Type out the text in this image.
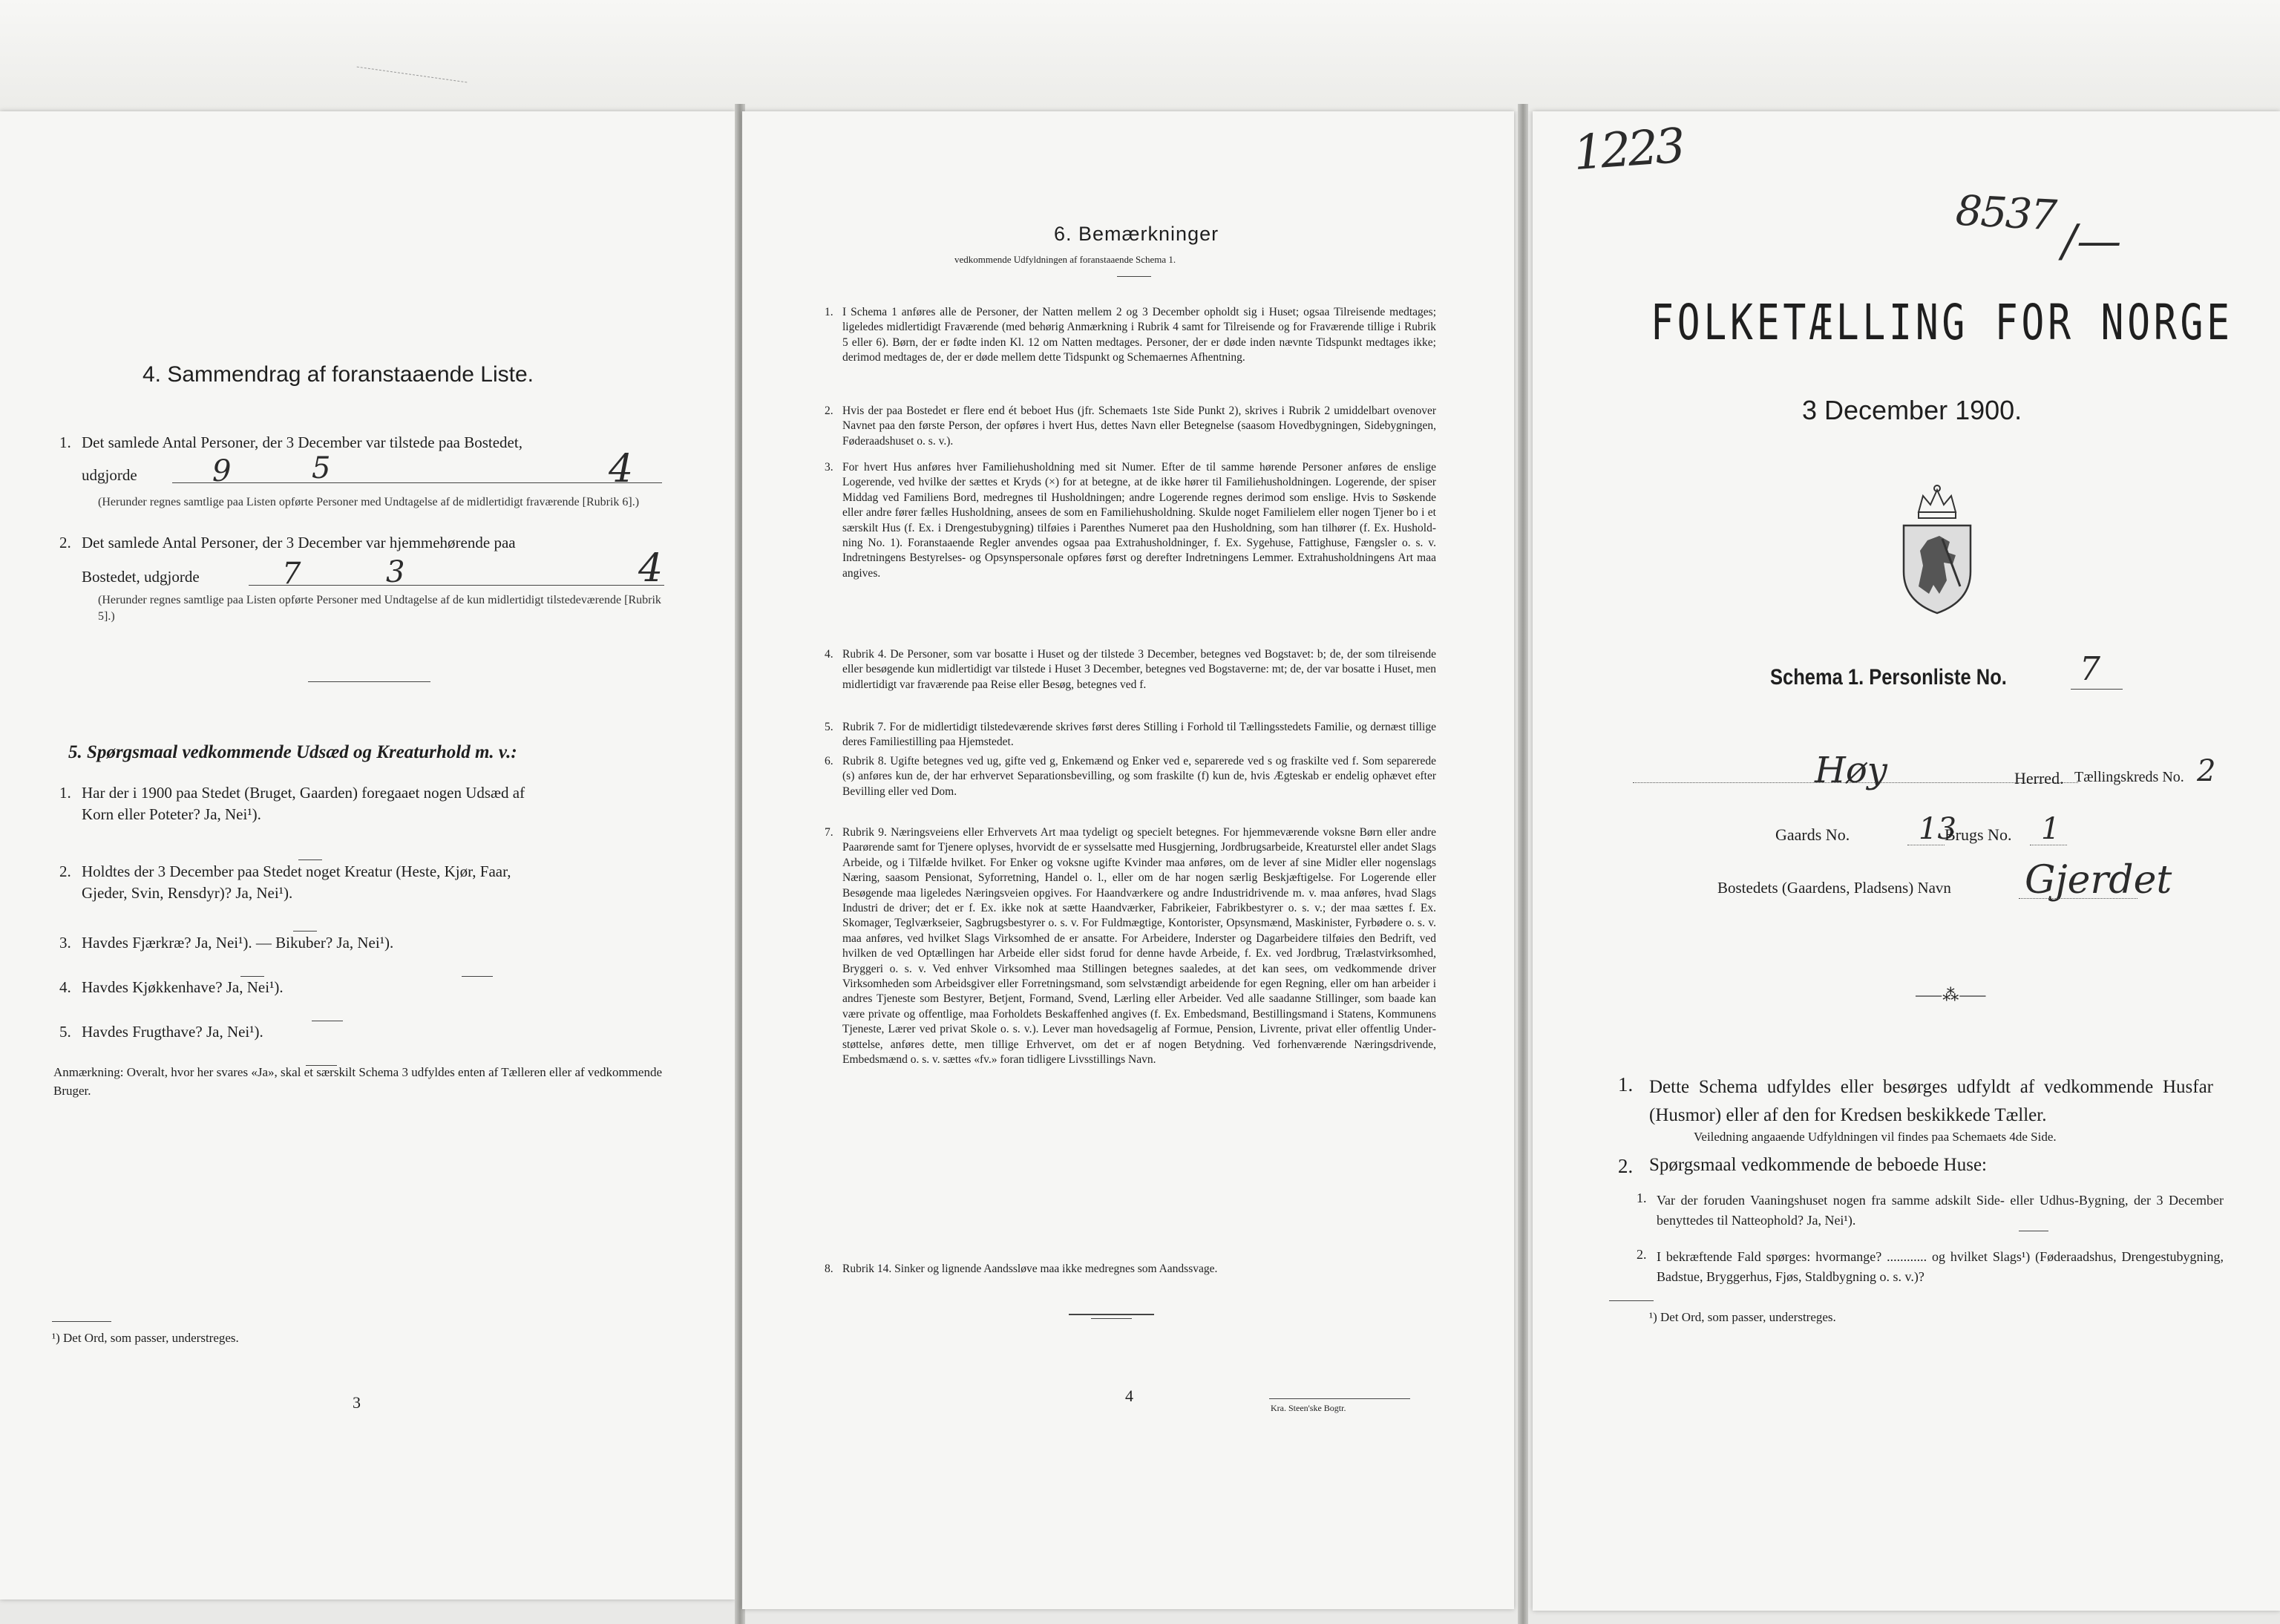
4. Sammendrag af foranstaaende Liste.
1. Det samlede Antal Personer, der 3 December var tilstede paa Bostedet,
udgjorde	9	5	4
(Herunder regnes samtlige paa Listen opførte Personer med Undtagelse af de midlertidigt fraværende [Rubrik 6].)
2. Det samlede Antal Personer, der 3 December var hjemmehørende paa
Bostedet, udgjorde	7	3	4
(Herunder regnes samtlige paa Listen opførte Personer med Undtagelse af de kun midlertidigt tilstedeværende [Rubrik 5].)
5. Spørgsmaal vedkommende Udsæd og Kreaturhold m. v.:
1. Har der i 1900 paa Stedet (Bruget, Gaarden) foregaaet nogen Udsæd af
Korn eller Poteter? Ja, Nei¹).
2. Holdtes der 3 December paa Stedet noget Kreatur (Heste, Kjør, Faar,
Gjeder, Svin, Rensdyr)? Ja, Nei¹).
3. Havdes Fjærkræ? Ja, Nei¹). — Bikuber? Ja, Nei¹).
4. Havdes Kjøkkenhave? Ja, Nei¹).
5. Havdes Frugthave? Ja, Nei¹).
Anmærkning: Overalt, hvor her svares «Ja», skal et særskilt Schema 3 udfyldes enten af Tælleren eller af vedkommende Bruger.
¹) Det Ord, som passer, understreges.
3
6. Bemærkninger
vedkommende Udfyldningen af foranstaaende Schema 1.
1. I Schema 1 anføres alle de Personer, der Natten mellem 2 og 3 December opholdt sig i Huset; ogsaa Tilreisende medtages; ligeledes midlertidigt Fraværende (med behørig Anmærkning i Rubrik 4 samt for Tilreisende og for Fraværende tillige i Rubrik 5 eller 6). Børn, der er fødte inden Kl. 12 om Natten medtages. Personer, der er døde inden nævnte Tidspunkt medtages ikke; derimod medtages de, der er døde mellem dette Tidspunkt og Schemaernes Afhentning.
2. Hvis der paa Bostedet er flere end ét beboet Hus (jfr. Schemaets 1ste Side Punkt 2), skrives i Rubrik 2 umiddelbart ovenover Navnet paa den første Person, der opføres i hvert Hus, dettes Navn eller Betegnelse (saasom Hovedbygningen, Sidebygningen, Føderaadshuset o. s. v.).
3. For hvert Hus anføres hver Familiehusholdning med sit Numer. Efter de til samme hørende Personer anføres de enslige Logerende, ved hvilke der sættes et Kryds (×) for at betegne, at de ikke hører til Familiehusholdningen. Logerende, der spiser Middag ved Familiens Bord, medregnes til Husholdningen; andre Logerende regnes derimod som enslige. Hvis to Søskende eller andre fører fælles Husholdning, ansees de som en Familiehusholdning. Skulde noget Familielem eller nogen Tjener bo i et særskilt Hus (f. Ex. i Drengestubygning) tilføies i Parenthes Numeret paa den Husholdning, som han tilhører (f. Ex. Husholdning No. 1). Foranstaaende Regler anvendes ogsaa paa Extrahusholdninger, f. Ex. Sygehuse, Fattighuse, Fængsler o. s. v. Indretningens Bestyrelses- og Opsynspersonale opføres først og derefter Indretningens Lemmer. Extrahusholdningens Art maa angives.
4. Rubrik 4. De Personer, som var bosatte i Huset og der tilstede 3 December, betegnes ved Bogstavet: b; de, der som tilreisende eller besøgende kun midlertidigt var tilstede i Huset 3 December, betegnes ved Bogstaverne: mt; de, der var bosatte i Huset, men midlertidigt var fraværende paa Reise eller Besøg, betegnes ved f.
5. Rubrik 7. For de midlertidigt tilstedeværende skrives først deres Stilling i Forhold til Tællingsstedets Familie, og dernæst tillige deres Familiestilling paa Hjemstedet.
6. Rubrik 8. Ugifte betegnes ved ug, gifte ved g, Enkemænd og Enker ved e, separerede ved s og fraskilte ved f. Som separerede (s) anføres kun de, der har erhvervet Separationsbevilling, og som fraskilte (f) kun de, hvis Ægteskab er endelig ophævet efter Bevilling eller ved Dom.
7. Rubrik 9. Næringsveiens eller Erhvervets Art maa tydeligt og specielt betegnes. For hjemmeværende voksne Børn eller andre Paarørende samt for Tjenere oplyses, hvorvidt de er sysselsatte med Husgjerning, Jordbrugsarbeide, Kreaturstel eller andet Slags Arbeide, og i Tilfælde hvilket. For Enker og voksne ugifte Kvinder maa anføres, om de lever af sine Midler eller nogenslags Næring, saasom Pensionat, Syforretning, Handel o. l., eller om de har nogen særlig Beskjæftigelse. For Logerende eller Besøgende maa ligeledes Næringsveien opgives. For Haandværkere og andre Industridrivende m. v. maa anføres, hvad Slags Industri de driver; det er f. Ex. ikke nok at sætte Haandværker, Fabrikeier, Fabrikbestyrer o. s. v.; der maa sættes f. Ex. Skomager, Teglværkseier, Sagbrugsbestyrer o. s. v. For Fuldmægtige, Kontorister, Opsynsmænd, Maskinister, Fyrbødere o. s. v. maa anføres, ved hvilket Slags Virksomhed de er ansatte. For Arbeidere, Inderster og Dagarbeidere tilføies den Bedrift, ved hvilken de ved Optællingen har Arbeide eller sidst forud for denne havde Arbeide, f. Ex. ved Jordbrug, Trælastvirksomhed, Bryggeri o. s. v. Ved enhver Virksomhed maa Stillingen betegnes saaledes, at det kan sees, om vedkommende driver Virksomheden som Arbeidsgiver eller Forretningsmand, som selvstændigt arbeidende for egen Regning, eller om han arbeider i andres Tjeneste som Bestyrer, Betjent, Formand, Svend, Lærling eller Arbeider. Ved alle saadanne Stillinger, som baade kan være private og offentlige, maa Forholdets Beskaffenhed angives (f. Ex. Embedsmand, Bestillingsmand i Statens, Kommunens Tjeneste, Lærer ved privat Skole o. s. v.). Lever man hovedsagelig af Formue, Pension, Livrente, privat eller offentlig Understøttelse, anføres dette, men tillige Erhvervet, om det er af nogen Betydning. Ved forhenværende Næringsdrivende, Embedsmænd o. s. v. sættes «fv.» foran tidligere Livsstillings Navn.
8. Rubrik 14. Sinker og lignende Aandssløve maa ikke medregnes som Aandssvage.
4
Kra. Steen'ske Bogtr.
1223
8537
/—
FOLKETÆLLING FOR NORGE
3 December 1900.
Schema 1. Personliste No. 7
Høy	Herred. Tællingskreds No. 2
Gaards No. 13
Brugs No. 1
Bostedets (Gaardens, Pladsens) Navn Gjerdet
⸺⁂⸺
1. Dette Schema udfyldes eller besørges udfyldt af vedkommende Husfar (Husmor) eller af den for Kredsen beskikkede Tæller.
Veiledning angaaende Udfyldningen vil findes paa Schemaets 4de Side.
2. Spørgsmaal vedkommende de beboede Huse:
1. Var der foruden Vaaningshuset nogen fra samme adskilt Side- eller Udhus-Bygning, der 3 December benyttedes til Natteophold? Ja, Nei¹).
2. I bekræftende Fald spørges: hvormange? ............ og hvilket Slags¹) (Føderaadshus, Drengestubygning, Badstue, Bryggerhus, Fjøs, Staldbygning o. s. v.)?
¹) Det Ord, som passer, understreges.
